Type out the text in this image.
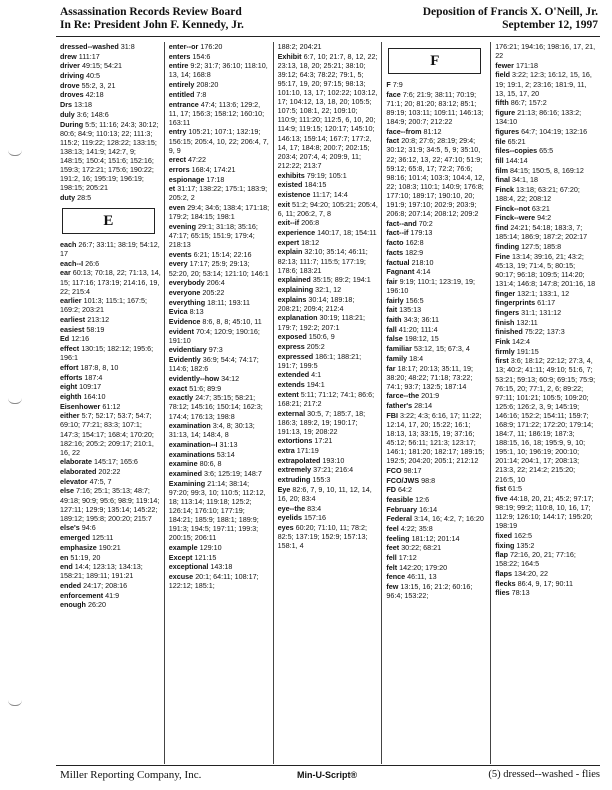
Assassination Records Review Board
In Re: President John F. Kennedy, Jr.
Deposition of Francis X. O'Neill, Jr.
September 12, 1997
dressed--washed 31:8
drew 111:17
driver 49:15; 54:21
driving 40:5
drove 55:2, 3, 21
droves 42:18
Drs 13:18
duly 3:6; 148:6
During 5:5; 11:16; 24:3; 30:12; 80:6; 84:9; 110:13; 22; 111:3; 115:2; 119:22; 128:22; 133:15; 138:13; 141:9; 142:7, 9; 148:15; 150:4; 151:6; 152:16; 159:3; 172:21; 175:6; 190:22; 191:2, 16; 195:19; 196:19; 198:15; 205:21
duty 28:5
E
each 26:7; 33:11; 38:19; 54:12, 17
each--I 26:6
ear 60:13; 70:18, 22; 71:13, 14, 15; 117:16; 173:19; 214:16, 19, 22; 215:4
earlier 101:3; 115:1; 167:5; 169:2; 203:21
earliest 213:12
easiest 58:19
Ed 12:16
effect 130:15; 182:12; 195:6; 196:1
effort 187:8, 8, 10
efforts 187:4
eight 109:17
eighth 164:10
Eisenhower 61:12
either 5:7; 52:17; 53:7; 54:7; 69:10; 77:21; 83:3; 107:1; 147:3; 154:17; 168:4; 170:20; 182:16; 205:2; 209:17; 210:1, 16, 22
elaborate 145:17; 165:6
elaborated 202:22
elevator 47:5, 7
else 7:16; 25:1; 35:13; 48:7; 49:18; 90:9; 95:6; 98:9; 119:14; 127:11; 129:9; 135:14; 145:22; 189:12; 195:8; 200:20; 215:7
else's 94:6
emerged 125:11
emphasize 190:21
en 51:19, 20
end 14:4; 123:13; 134:13; 158:21; 189:11; 191:21
ended 24:17; 208:16
enforcement 41:9
enough 26:20
enter--or 176:20
enters 154:6
entire 9:2; 31:7; 36:10; 118:10, 13, 14; 168:8
entirely 208:20
entitled 7:8
entrance 47:4; 113:6; 129:2, 11, 17; 156:3; 158:12; 160:10; 163:11
entry 105:21; 107:1; 132:19; 156:15; 205:4, 10, 22; 206:4, 7, 9, 9
erect 47:22
errors 168:4; 174:21
espionage 17:18
et 31:17; 138:22; 175:1; 183:9; 205:2, 2
even 29:4; 34:6; 138:4; 171:18; 179:2; 184:15; 198:1
evening 29:1; 31:18; 35:16; 47:17; 65:15; 151:9; 179:4; 218:13
events 6:21; 15:14; 22:16
every 17:17; 25:9; 29:13; 52:20, 20; 53:14; 121:10; 146:1
everybody 206:4
everyone 205:22
everything 18:11; 193:11
Evica 8:13
Evidence 8:6, 8, 8; 45:10, 11
evident 70:4; 120:9; 190:16; 191:10
evidentiary 97:3
Evidently 36:9; 54:4; 74:17; 114:6; 182:6
evidently--how 34:12
exact 51:6; 89:9
exactly 24:7; 35:15; 58:21; 78:12; 145:16; 150:14; 162:3; 174:4; 176:13; 198:8
examination 3:4, 8; 30:13; 31:13, 14; 148:4, 8
examination--I 31:13
examinations 53:14
examine 80:6, 8
examined 3:6; 125:19; 148:7
Examining 21:14; 38:14; 97:20; 99:3, 10; 110:5; 112:12, 18; 113:14; 119:18; 125:2; 126:14; 176:10; 177:19; 184:21; 185:9; 188:1; 189:9; 191:3; 194:5; 197:11; 199:3; 200:15; 206:11
example 129:10
Except 121:15
exceptional 143:18
excuse 20:1; 64:11; 108:17; 122:12; 185:1;
188:2; 204:21
Exhibit 6:7, 10; 21:7, 8, 12, 22; 23:13, 18, 20; 25:21; 38:10; 39:12; 64:3; 78:22; 79:1, 5; 95:17, 19, 20; 97:15; 98:13; 101:10, 13, 17; 102:22; 103:12, 17; 104:12, 13, 18, 20; 105:5; 107:5; 108:1, 22; 109:10; 110:9; 111:20; 112:5, 6, 10, 20; 114:9; 119:15; 120:17; 145:10; 146:13; 159:14; 167:7; 177:2, 14, 17; 184:8; 200:7; 202:15; 203:4; 207:4, 4; 209:9, 11; 212:22; 213:7
exhibits 79:19; 105:1
existed 184:15
existence 11:17; 14:4
exit 51:2; 94:20; 105:21; 205:4, 6, 11; 206:2, 7, 8
exit--if 206:8
experience 140:17, 18; 154:11
expert 18:12
explain 32:10; 35:14; 46:11; 82:13; 111:7; 115:5; 177:19; 178:6; 183:21
explained 35:15; 89:2; 194:1
explaining 32:1, 12
explains 30:14; 189:18; 208:21; 209:4; 212:4
explanation 30:19; 118:21; 179:7; 192:2; 207:1
exposed 150:6, 9
express 205:2
expressed 186:1; 188:21; 191:7; 199:5
extended 4:1
extends 194:1
extent 5:11; 71:12; 74:1; 86:6; 168:21; 217:2
external 30:5, 7; 185:7, 18; 186:3; 189:2, 19; 190:17; 191:13, 19; 208:22
extortions 17:21
extra 171:19
extrapolated 193:10
extremely 37:21; 216:4
extruding 155:3
Eye 82:6, 7, 9, 10, 11, 12, 14, 16, 20; 83:4
eye--the 83:4
eyelids 157:16
eyes 60:20; 71:10, 11; 78:2; 82:5; 137:19; 152:9; 157:13; 158:1, 4
F
F 7:9
face 7:6; 21:9; 38:11; 70:19; 71:1; 20; 81:20; 83:12; 85:1; 89:19; 103:11; 109:11; 146:13; 184:9; 200:7; 212:22
face--from 81:12
fact 20:8; 27:6; 28:19; 29:4; 30:12; 31:9; 34:5, 5, 9; 35:10, 22; 36:12, 13, 22; 47:10; 51:9; 59:12; 65:8, 17; 72:2; 76:6; 98:16; 101:4; 103:3; 104:4, 12, 22; 108:3; 110:1; 140:9; 176:8; 177:10; 189:17; 190:10, 20; 191:9; 197:10; 202:9; 203:9; 206:8; 207:14; 208:12; 209:2
fact--and 70:2
fact--if 179:13
facto 162:8
facts 182:9
factual 218:10
Fagnant 4:14
fair 9:19; 110:1; 123:19, 19; 196:10
fairly 156:5
fait 135:13
faith 34:3; 36:11
fall 41:20; 111:4
false 198:12, 15
familiar 53:12, 15; 67:3, 4
family 18:4
far 18:17; 20:13; 35:11, 19; 38:20; 48:22; 71:18; 73:22; 74:1; 93:7; 132:5; 187:14
farce--the 201:9
father's 28:14
FBI 3:22; 4:3; 6:16, 17; 11:22; 12:14, 17, 20; 15:22; 16:1; 18:13, 13; 33:15, 19; 37:16; 45:12; 56:11; 121:3; 123:17; 146:1; 181:20; 182:17; 189:15; 192:5; 204:20; 205:1; 212:12
FCO 98:17
FCO/JWS 98:8
FD 64:2
feasible 12:6
February 16:14
Federal 3:14, 16; 4:2, 7; 16:20
feel 4:22; 35:8
feeling 181:12; 201:14
feet 30:22; 68:21
fell 17:12
felt 142:20; 179:20
fence 46:11, 13
few 13:15, 16; 21:2; 60:16; 96:4; 153:22;
176:21; 194:16; 198:16, 17, 21, 22
fewer 171:18
field 3:22; 12:3; 16:12, 15, 16, 19; 19:1, 2; 23:16; 181:9, 11, 13, 15, 17, 20
fifth 86:7; 157:2
figure 21:13; 86:16; 133:2; 134:10
figures 64:7; 104:19; 132:16
file 65:21
files--copies 65:5
fill 144:14
film 84:15; 150:5, 8, 169:12
final 34:1, 18
Finck 13:18; 63:21; 67:20; 188:4, 22; 208:12
Finck--not 63:21
Finck--were 94:2
find 24:21; 54:18; 183:3, 7; 185:14; 186:9; 187:2; 202:17
finding 127:5; 185:8
Fine 13:14; 39:16, 21; 43:2; 45:13, 19; 71:4, 5; 80:15; 90:17; 96:18; 109:5; 114:20; 131:4; 146:8; 147:8; 201:16, 18
finger 132:1; 133:1, 12
fingerprints 61:17
fingers 31:1; 131:12
finish 132:11
finished 75:22; 137:3
Fink 142:4
firmly 191:15
first 3:6; 18:12; 22:12; 27:3, 4, 13; 40:2; 41:11; 49:10; 51:6, 7; 53:21; 59:13; 60:9; 69:15; 75:9; 76:15, 20; 77:1, 2, 6; 89:22; 97:11; 101:21; 105:5; 109:20; 125:6; 126:2, 3, 9; 145:19; 146:16; 152:2; 154:11; 159:7; 168:9; 171:22; 172:20; 179:14; 184:7, 11; 186:19; 187:3; 188:15, 16, 18; 195:9, 9, 10; 195:1, 10; 196:19; 200:10; 201:14; 204:1, 17; 208:13; 213:3, 22; 214:2; 215:20; 216:5, 10
fist 61:5
five 44:18, 20, 21; 45:2; 97:17; 98:19; 99:2; 110:8, 10, 16, 17; 112:9; 126:10; 144:17; 195:20; 198:19
fixed 162:5
fixing 135:2
flap 72:16, 20, 21; 77:16; 158:22; 164:5
flaps 134:20, 22
flecks 86:4, 9, 17; 90:11
flies 78:13
Miller Reporting Company, Inc.	Min-U-Script®	(5) dressed--washed - flies
